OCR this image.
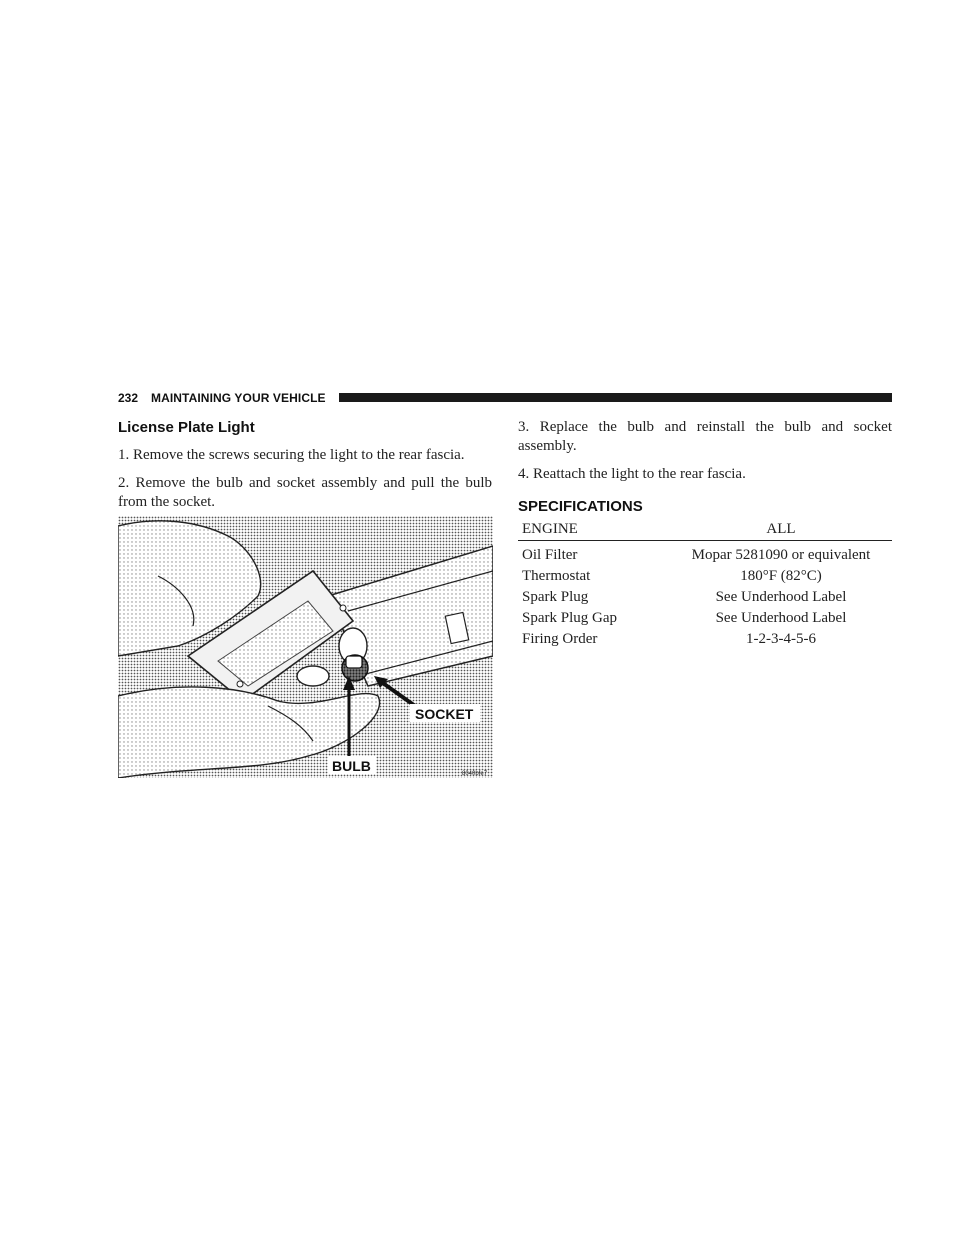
232 MAINTAINING YOUR VEHICLE

License Plate Light

1. Remove the screws securing the light to the rear fascia.

2. Remove the bulb and socket assembly and pull the bulb from the socket.

SOCKET
BULB	8040bfe7

3. Replace the bulb and reinstall the bulb and socket assembly.

4. Reattach the light to the rear fascia.

SPECIFICATIONS

ENGINE	ALL
Oil Filter	Mopar 5281090 or equivalent
Thermostat	180°F (82°C)
Spark Plug	See Underhood Label
Spark Plug Gap	See Underhood Label
Firing Order	1-2-3-4-5-6
